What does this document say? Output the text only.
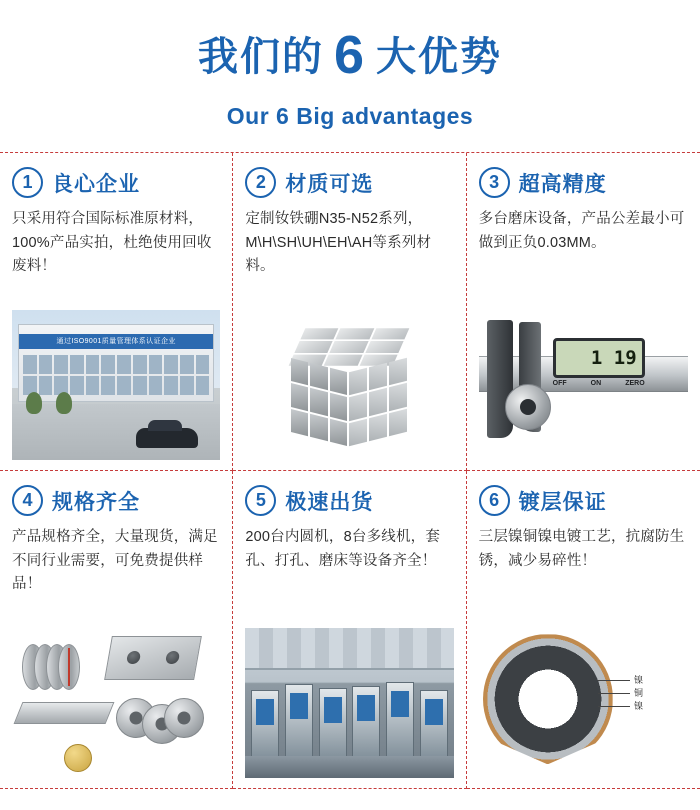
我们的 6 大优势
Our 6 Big advantages
1 良心企业
只采用符合国际标准原材料，100%产品实拍，杜绝使用回收废料！
通过ISO9001质量管理体系认证企业
2 材质可选
定制钕铁硼N35-N52系列，M\H\SH\UH\EH\AH等系列材料。
3 超高精度
多台磨床设备，产品公差最小可做到正负0.03MM。
1 19
OFF	ON	ZERO
4 规格齐全
产品规格齐全，大量现货，满足不同行业需要，可免费提供样品！
5 极速出货
200台内圆机，8台多线机，套孔、打孔、磨床等设备齐全！
6 镀层保证
三层镍铜镍电镀工艺，抗腐防生锈，减少易碎性！
镍
铜
镍
